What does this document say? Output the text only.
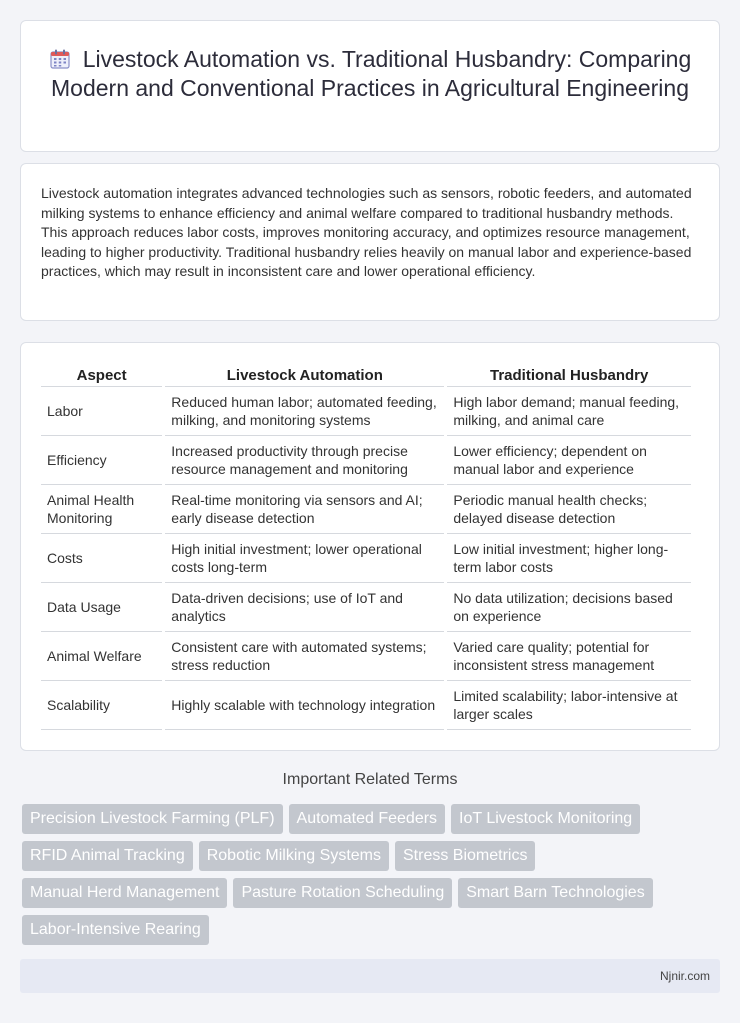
Livestock Automation vs. Traditional Husbandry: Comparing Modern and Conventional Practices in Agricultural Engineering

Livestock automation integrates advanced technologies such as sensors, robotic feeders, and automated milking systems to enhance efficiency and animal welfare compared to traditional husbandry methods. This approach reduces labor costs, improves monitoring accuracy, and optimizes resource management, leading to higher productivity. Traditional husbandry relies heavily on manual labor and experience-based practices, which may result in inconsistent care and lower operational efficiency.

Aspect	Livestock Automation	Traditional Husbandry
Labor	Reduced human labor; automated feeding, milking, and monitoring systems	High labor demand; manual feeding, milking, and animal care
Efficiency	Increased productivity through precise resource management and monitoring	Lower efficiency; dependent on manual labor and experience
Animal Health Monitoring	Real-time monitoring via sensors and AI; early disease detection	Periodic manual health checks; delayed disease detection
Costs	High initial investment; lower operational costs long-term	Low initial investment; higher long-term labor costs
Data Usage	Data-driven decisions; use of IoT and analytics	No data utilization; decisions based on experience
Animal Welfare	Consistent care with automated systems; stress reduction	Varied care quality; potential for inconsistent stress management
Scalability	Highly scalable with technology integration	Limited scalability; labor-intensive at larger scales
Important Related Terms
Precision Livestock Farming (PLF)	Automated Feeders	IoT Livestock Monitoring
RFID Animal Tracking	Robotic Milking Systems	Stress Biometrics
Manual Herd Management	Pasture Rotation Scheduling	Smart Barn Technologies
Labor-Intensive Rearing
Njnir.com
